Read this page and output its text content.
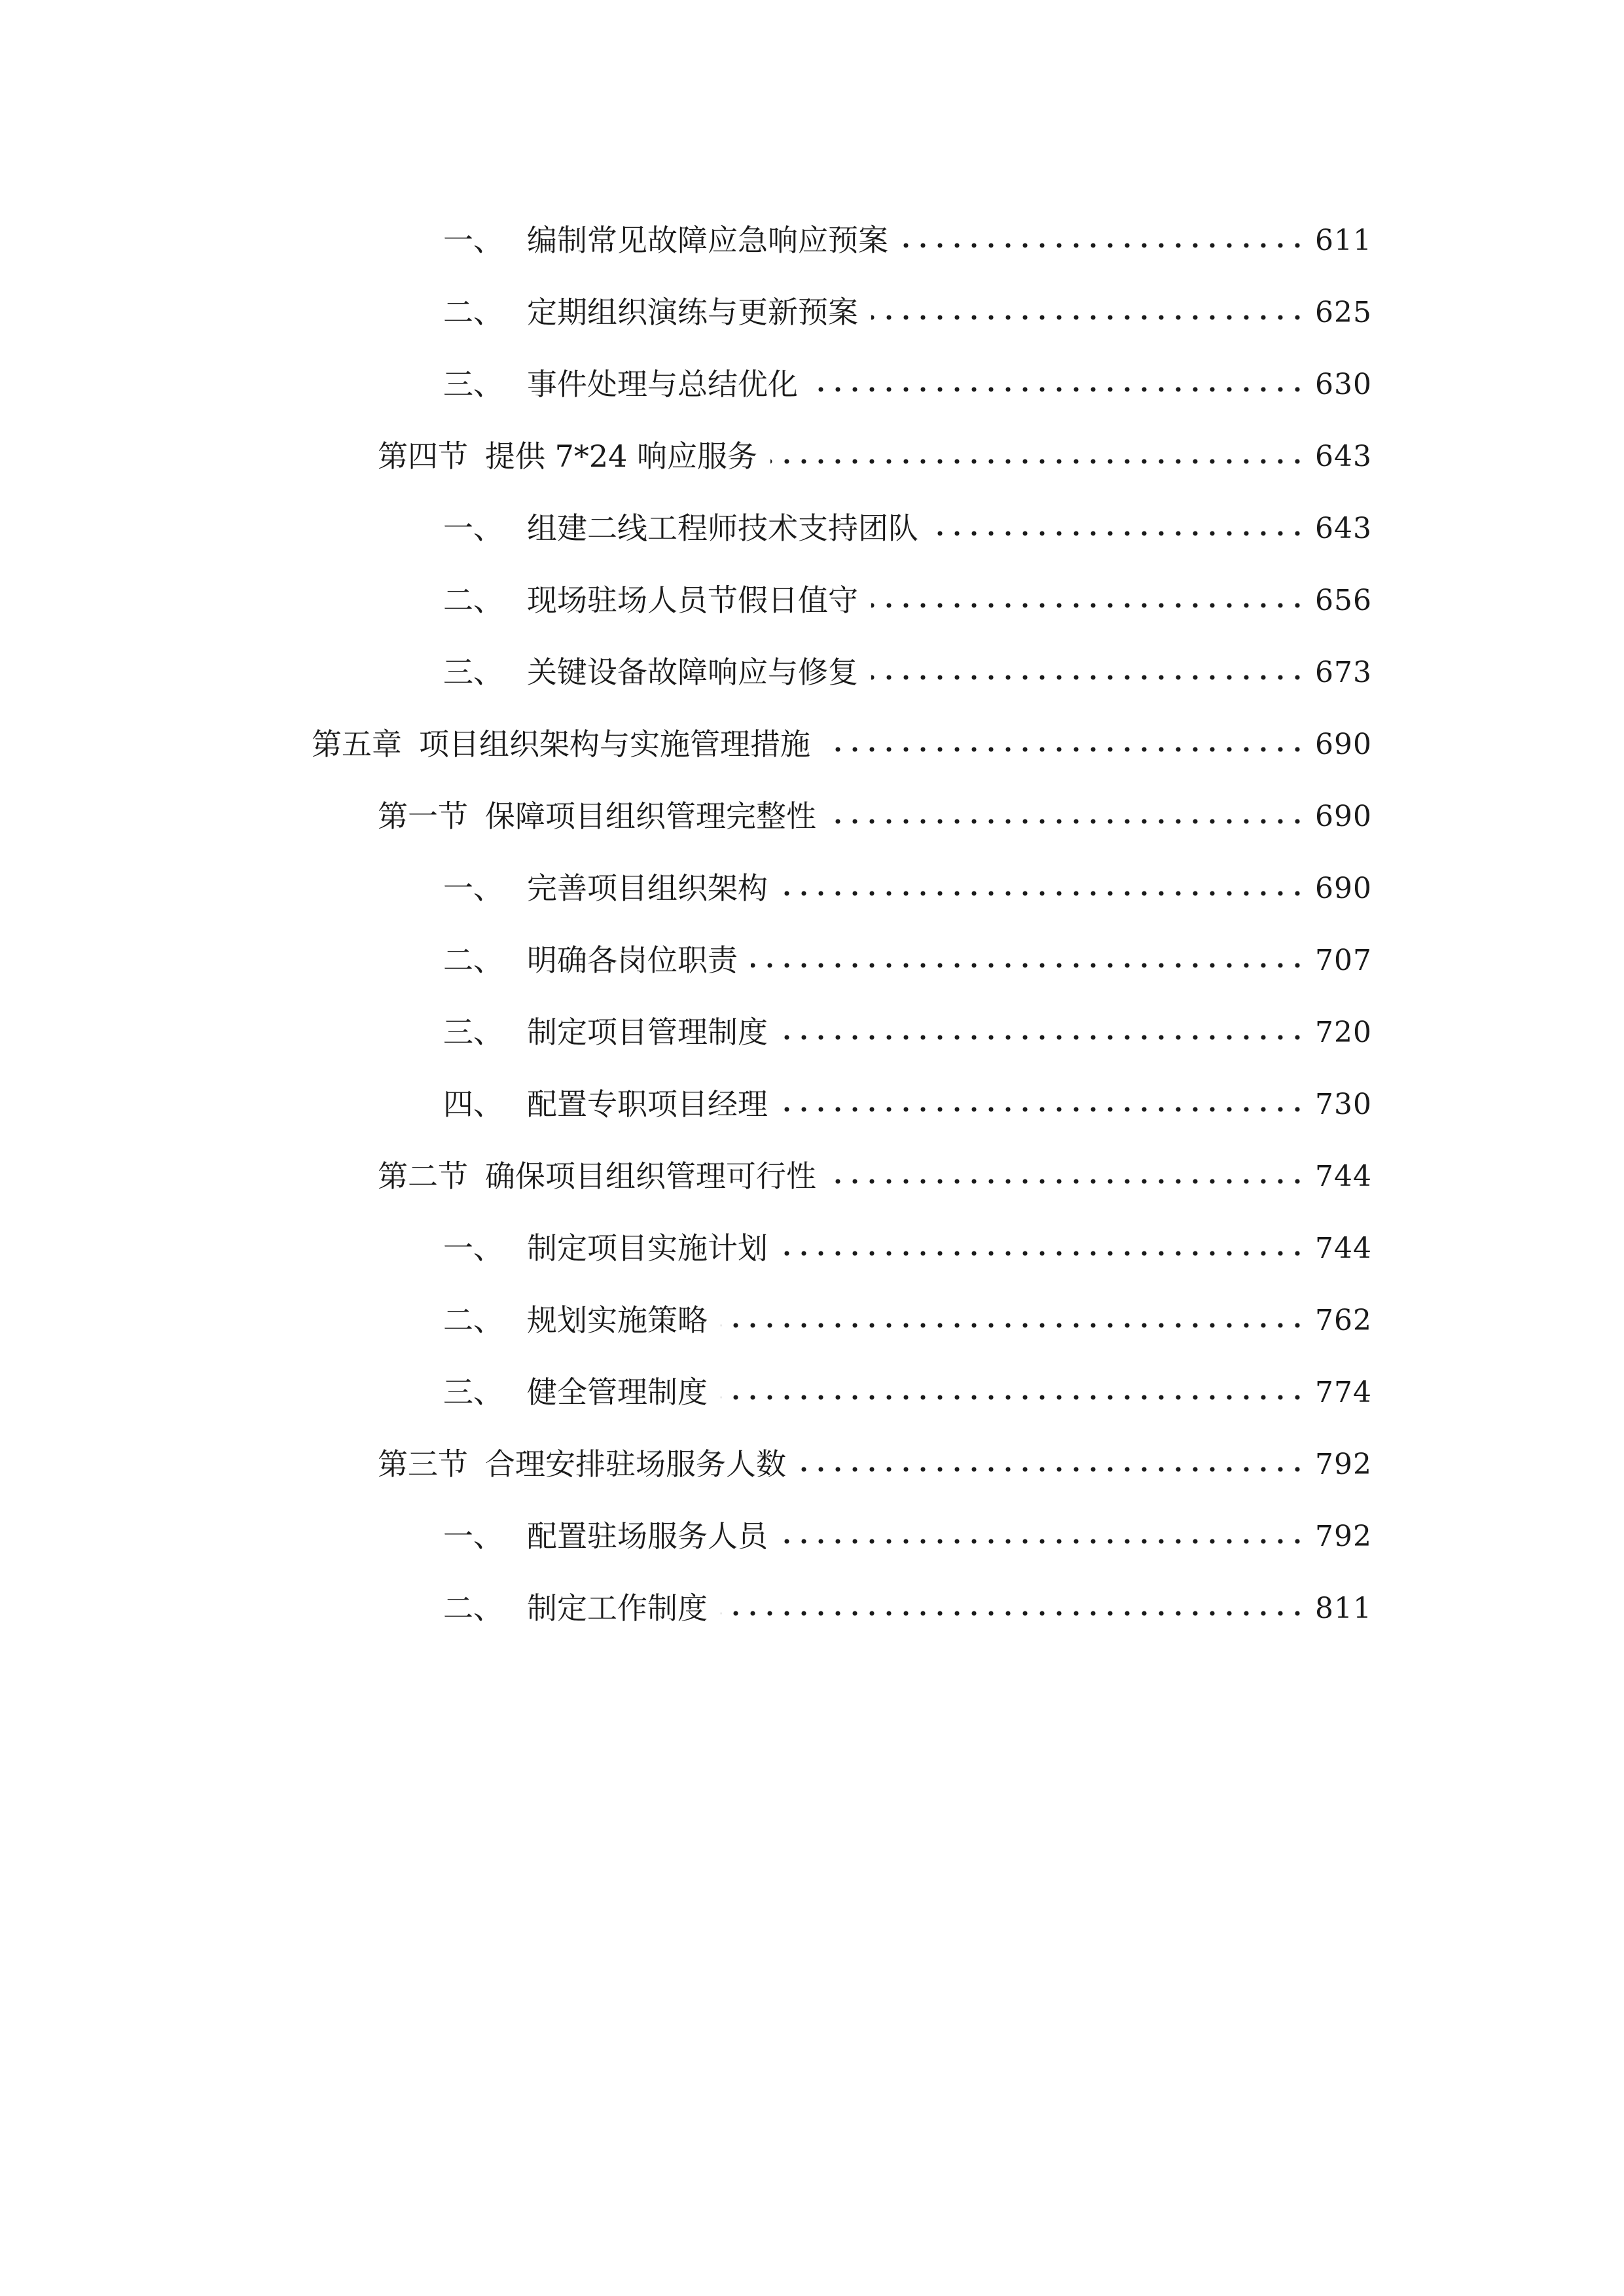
一、 编制常见故障应急响应预案	611
二、 定期组织演练与更新预案	625
三、 事件处理与总结优化	630
第四节 提供 7*24 响应服务	643
一、 组建二线工程师技术支持团队	643
二、 现场驻场人员节假日值守	656
三、 关键设备故障响应与修复	673
第五章 项目组织架构与实施管理措施	690
第一节 保障项目组织管理完整性	690
一、 完善项目组织架构	690
二、 明确各岗位职责	707
三、 制定项目管理制度	720
四、 配置专职项目经理	730
第二节 确保项目组织管理可行性	744
一、 制定项目实施计划	744
二、 规划实施策略	762
三、 健全管理制度	774
第三节 合理安排驻场服务人数	792
一、 配置驻场服务人员	792
二、 制定工作制度	811
